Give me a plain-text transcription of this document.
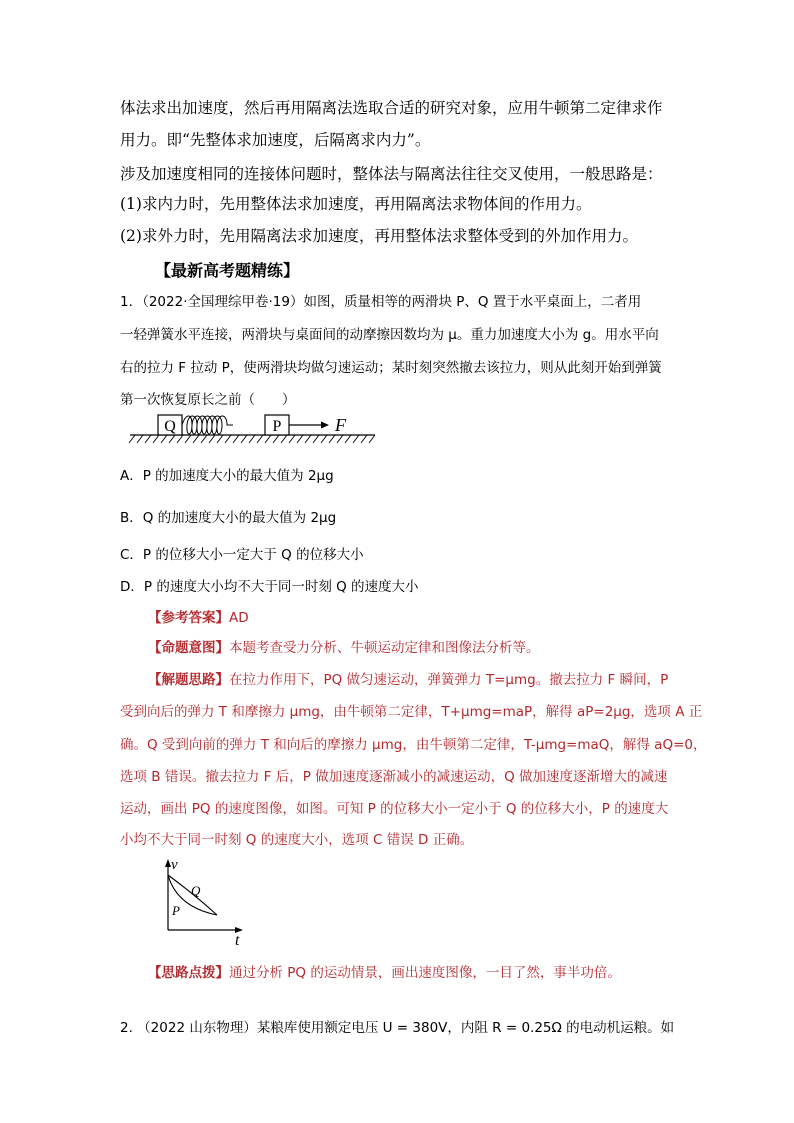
体法求出加速度，然后再用隔离法选取合适的研究对象，应用牛顿第二定律求作
用力。即“先整体求加速度，后隔离求内力”。
涉及加速度相同的连接体问题时，整体法与隔离法往往交叉使用，一般思路是：
(1)求内力时，先用整体法求加速度，再用隔离法求物体间的作用力。
(2)求外力时，先用隔离法求加速度，再用整体法求整体受到的外加作用力。
【最新高考题精练】
1．（2022·全国理综甲卷·19）如图，质量相等的两滑块 P、Q 置于水平桌面上，二者用
一轻弹簧水平连接，两滑块与桌面间的动摩擦因数均为 μ。重力加速度大小为 g。用水平向
右的拉力 F 拉动 P，使两滑块均做匀速运动；某时刻突然撤去该拉力，则从此刻开始到弹簧
第一次恢复原长之前（　　）
Q	P	F
A．P 的加速度大小的最大值为 2μg
B．Q 的加速度大小的最大值为 2μg
C．P 的位移大小一定大于 Q 的位移大小
D．P 的速度大小均不大于同一时刻 Q 的速度大小
【参考答案】AD
【命题意图】本题考查受力分析、牛顿运动定律和图像法分析等。
【解题思路】在拉力作用下，PQ 做匀速运动，弹簧弹力 T=μmg。撤去拉力 F 瞬间，P
受到向后的弹力 T 和摩擦力 μmg，由牛顿第二定律，T+μmg=maP，解得 aP=2μg，选项 A 正
确。Q 受到向前的弹力 T 和向后的摩擦力 μmg，由牛顿第二定律，T-μmg=maQ，解得 aQ=0，
选项 B 错误。撤去拉力 F 后，P 做加速度逐渐减小的减速运动，Q 做加速度逐渐增大的减速
运动，画出 PQ 的速度图像，如图。可知 P 的位移大小一定小于 Q 的位移大小，P 的速度大
小均不大于同一时刻 Q 的速度大小，选项 C 错误 D 正确。
v
t
Q
P
【思路点拨】通过分析 PQ 的运动情景，画出速度图像，一目了然，事半功倍。
2. （2022 山东物理）某粮库使用额定电压 U = 380V，内阻 R = 0.25Ω 的电动机运粮。如
